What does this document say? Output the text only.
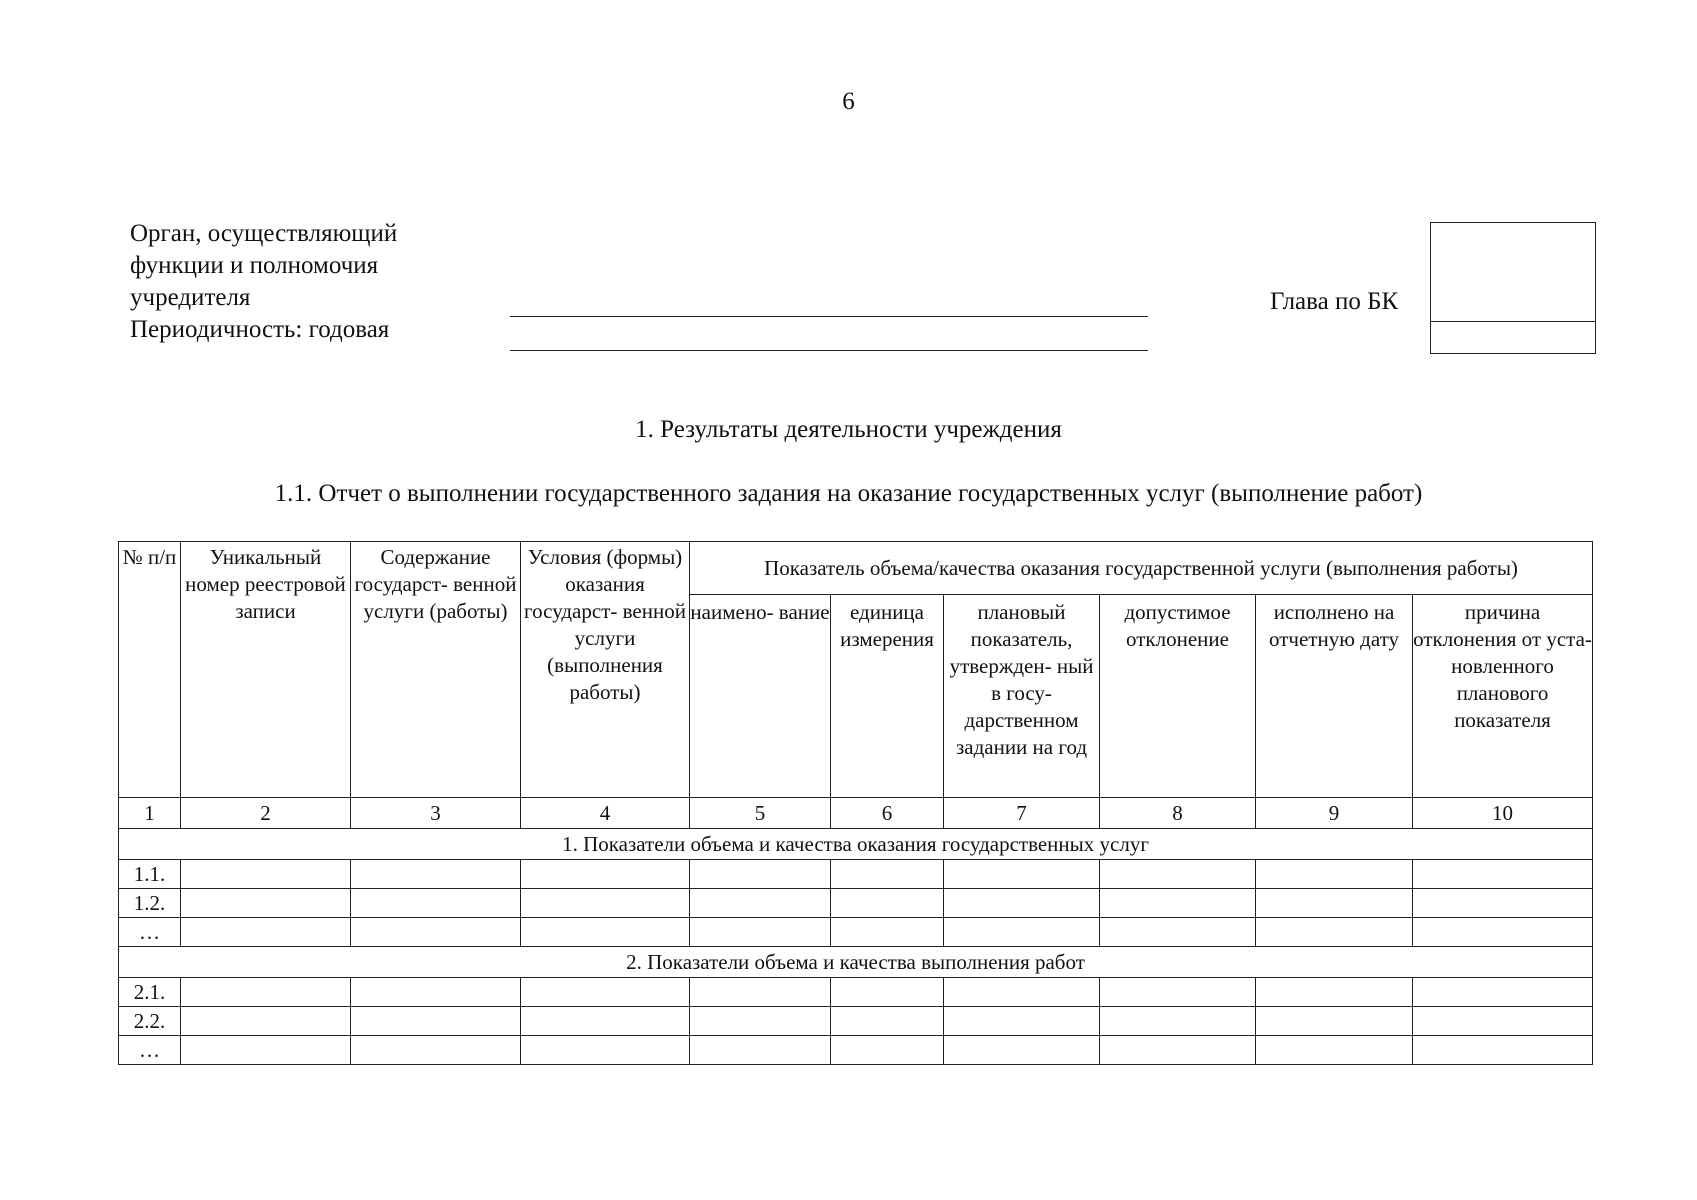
6
Орган, осуществляющий
функции и полномочия
учредителя
Периодичность: годовая
Глава по БК
1. Результаты деятельности учреждения
1.1. Отчет о выполнении государственного задания на оказание государственных услуг (выполнение работ)
№ п/п	Уникальный номер реестровой записи	Содержание государст- венной услуги (работы)	Условия (формы) оказания государст- венной услуги (выполнения работы)	Показатель объема/качества оказания государственной услуги (выполнения работы)					
				наимено- вание	единица измерения	плановый показатель, утвержден- ный в госу- дарственном задании на год	допустимое отклонение	исполнено на отчетную дату	причина отклонения от уста- новленного планового показателя
1	2	3	4	5	6	7	8	9	10
1. Показатели объема и качества оказания государственных услуг									
1.1.									
1.2.									
…									
2. Показатели объема и качества выполнения работ									
2.1.									
2.2.									
…									
